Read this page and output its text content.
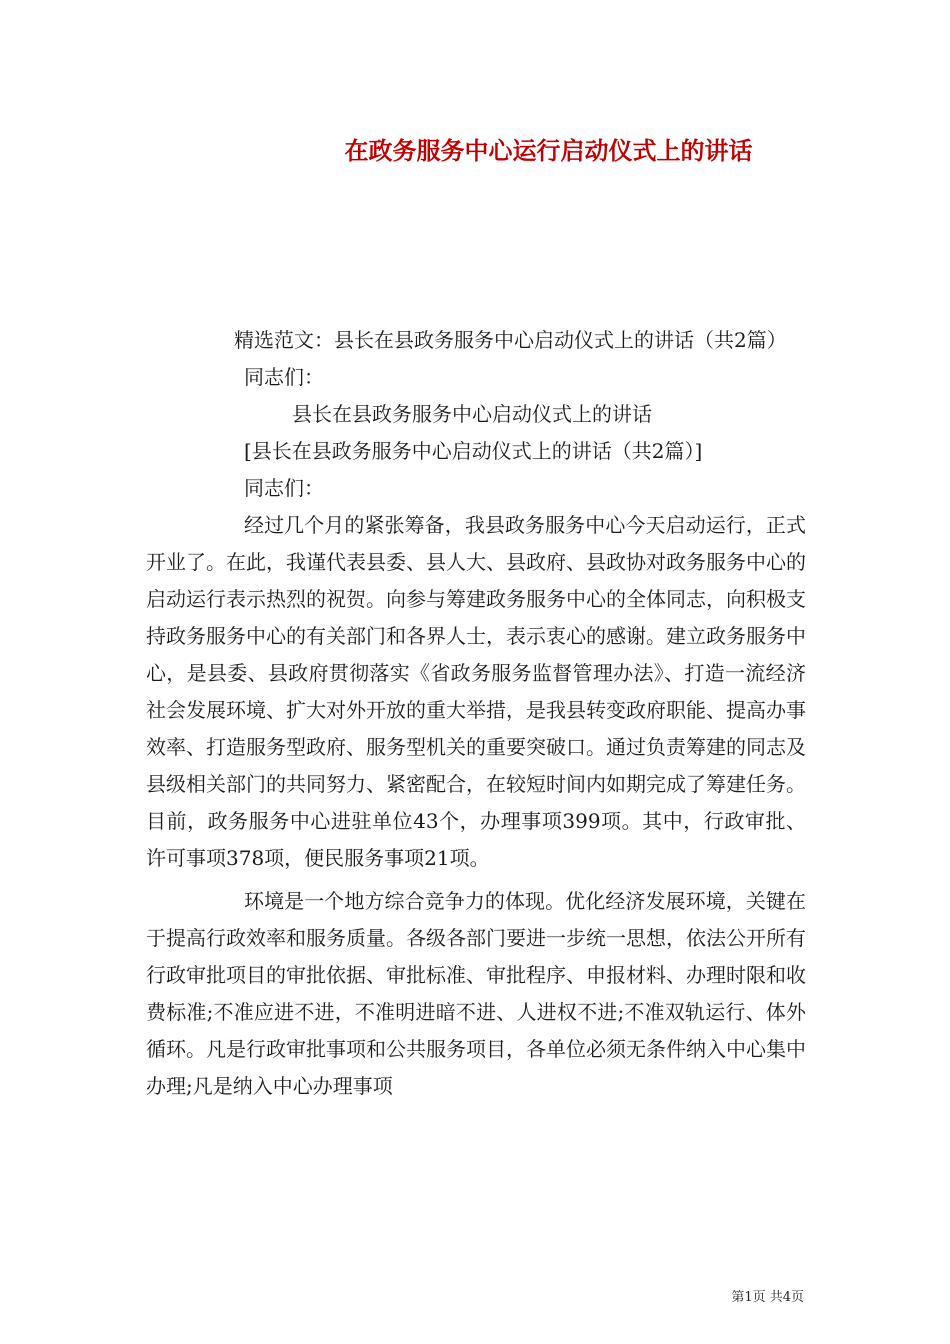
在政务服务中心运行启动仪式上的讲话

精选范文：县长在县政务服务中心启动仪式上的讲话（共2篇）

同志们：

县长在县政务服务中心启动仪式上的讲话

[县长在县政务服务中心启动仪式上的讲话（共2篇）]

同志们：

经过几个月的紧张筹备，我县政务服务中心今天启动运行，正式开业了。在此，我谨代表县委、县人大、县政府、县政协对政务服务中心的启动运行表示热烈的祝贺。向参与筹建政务服务中心的全体同志，向积极支持政务服务中心的有关部门和各界人士，表示衷心的感谢。建立政务服务中心，是县委、县政府贯彻落实《省政务服务监督管理办法》、打造一流经济社会发展环境、扩大对外开放的重大举措，是我县转变政府职能、提高办事效率、打造服务型政府、服务型机关的重要突破口。通过负责筹建的同志及县级相关部门的共同努力、紧密配合，在较短时间内如期完成了筹建任务。目前，政务服务中心进驻单位43个，办理事项399项。其中，行政审批、许可事项378项，便民服务事项21项。

环境是一个地方综合竞争力的体现。优化经济发展环境，关键在于提高行政效率和服务质量。各级各部门要进一步统一思想，依法公开所有行政审批项目的审批依据、审批标准、审批程序、申报材料、办理时限和收费标准;不准应进不进，不准明进暗不进、人进权不进;不准双轨运行、体外循环。凡是行政审批事项和公共服务项目，各单位必须无条件纳入中心集中办理;凡是纳入中心办理事项

第1页 共4页
